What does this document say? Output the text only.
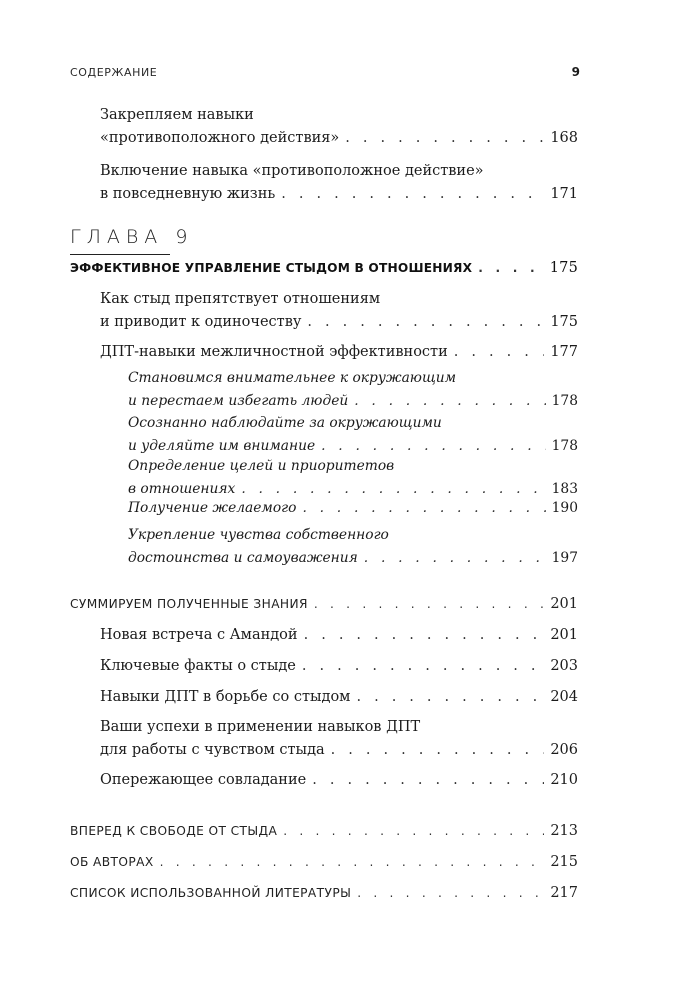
СОДЕРЖАНИЕ	9
Закрепляем навыки
«противоположного действия» . . .	168
Включение навыка «противоположное действие»
в повседневную жизнь . . .	171
ГЛАВА 9
ЭФФЕКТИВНОЕ УПРАВЛЕНИЕ СТЫДОМ В ОТНОШЕНИЯХ . . .	175
Как стыд препятствует отношениям
и приводит к одиночеству . . .	175
ДПТ-навыки межличностной эффективности . . .	177
Становимся внимательнее к окружающим
и перестаем избегать людей . . .	178
Осознанно наблюдайте за окружающими
и уделяйте им внимание . . .	178
Определение целей и приоритетов
в отношениях . . .	183
Получение желаемого . . .	190
Укрепление чувства собственного
достоинства и самоуважения . . .	197
СУММИРУЕМ ПОЛУЧЕННЫЕ ЗНАНИЯ . . .	201
Новая встреча с Амандой . . .	201
Ключевые факты о стыде . . .	203
Навыки ДПТ в борьбе со стыдом . . .	204
Ваши успехи в применении навыков ДПТ
для работы с чувством стыда . . .	206
Опережающее совладание . . .	210
ВПЕРЕД К СВОБОДЕ ОТ СТЫДА . . .	213
ОБ АВТОРАХ . . .	215
СПИСОК ИСПОЛЬЗОВАННОЙ ЛИТЕРАТУРЫ . . .	217
